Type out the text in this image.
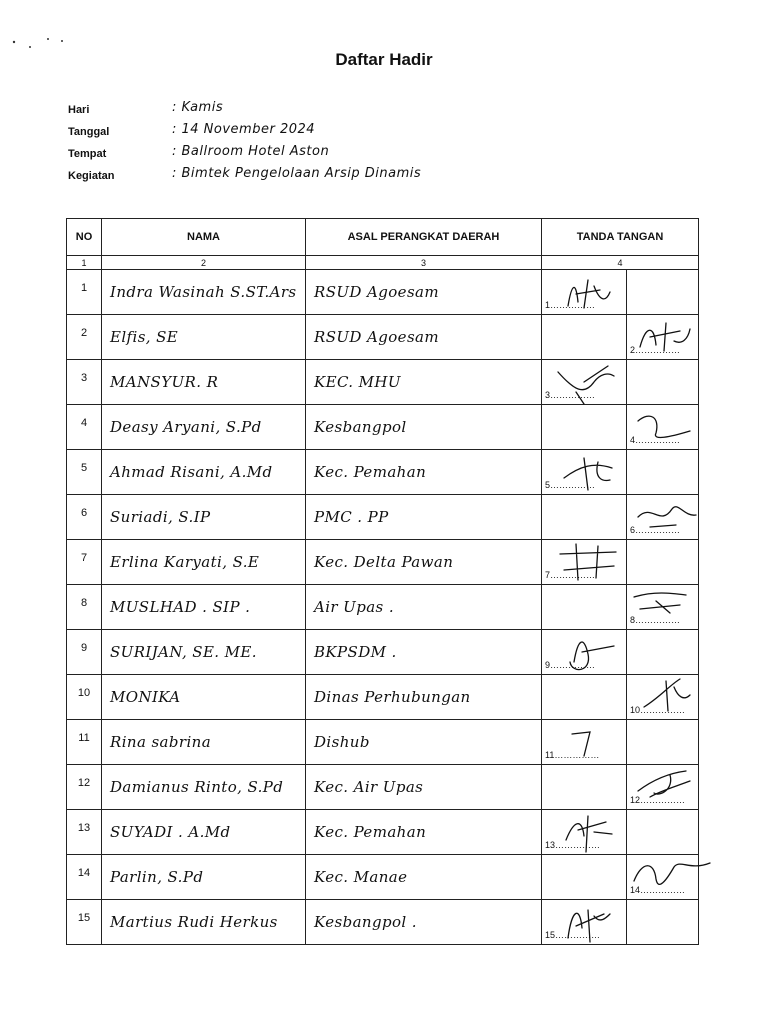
Daftar Hadir
Hari	: Kamis
Tanggal	: 14 November 2024
Tempat	: Ballroom Hotel Aston
Kegiatan	: Bimtek Pengelolaan Arsip Dinamis
NO	NAMA	ASAL PERANGKAT DAERAH	TANDA TANGAN
1	2	3	4

1	Indra Wasinah S.ST.Ars	RSUD Agoesam	1……………

2	Elfis, SE	RSUD Agoesam	2……………

3	MANSYUR. R	KEC. MHU	3……………

4	Deasy Aryani, S.Pd	Kesbangpol	4……………

5	Ahmad Risani, A.Md	Kec. Pemahan	5……………

6	Suriadi, S.IP	PMC . PP	6……………

7	Erlina Karyati, S.E	Kec. Delta Pawan	7……………

8	MUSLHAD . SIP .	Air Upas .	8……………

9	SURIJAN, SE. ME.	BKPSDM .	9……………

10	MONIKA	Dinas Perhubungan	10……………

11	Rina sabrina	Dishub	11……………

12	Damianus Rinto, S.Pd	Kec. Air Upas	12……………

13	SUYADI . A.Md	Kec. Pemahan	13……………

14	Parlin, S.Pd	Kec. Manae	14……………

15	Martius Rudi Herkus	Kesbangpol .	15……………
